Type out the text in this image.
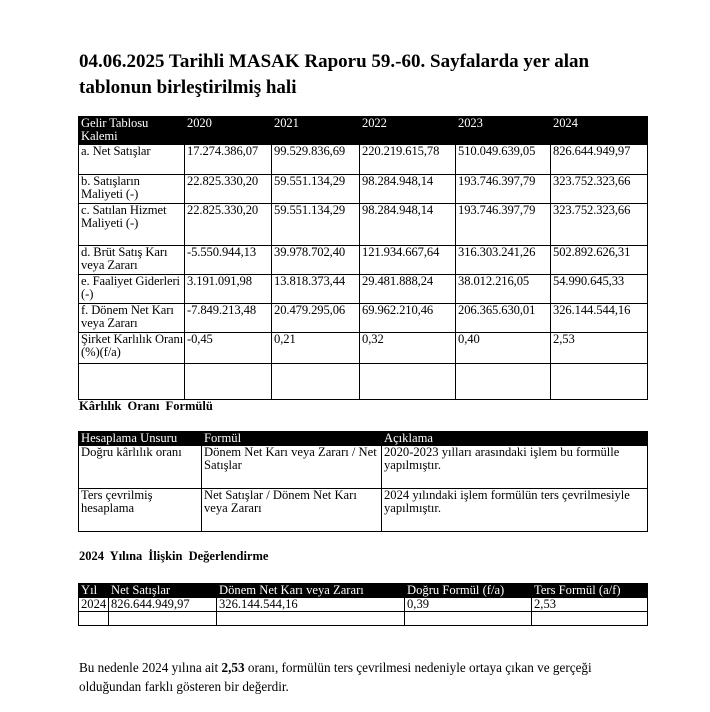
04.06.2025 Tarihli MASAK Raporu 59.-60. Sayfalarda yer alan tablonun birleştirilmiş hali
Gelir Tablosu Kalemi	2020	2021	2022	2023	2024
a. Net Satışlar	17.274.386,07	99.529.836,69	220.219.615,78	510.049.639,05	826.644.949,97
b. Satışların Maliyeti (-)	22.825.330,20	59.551.134,29	98.284.948,14	193.746.397,79	323.752.323,66
c. Satılan Hizmet Maliyeti (-)	22.825.330,20	59.551.134,29	98.284.948,14	193.746.397,79	323.752.323,66
d. Brüt Satış Karı veya Zararı	-5.550.944,13	39.978.702,40	121.934.667,64	316.303.241,26	502.892.626,31
e. Faaliyet Giderleri (-)	3.191.091,98	13.818.373,44	29.481.888,24	38.012.216,05	54.990.645,33
f. Dönem Net Karı veya Zararı	-7.849.213,48	20.479.295,06	69.962.210,46	206.365.630,01	326.144.544,16
Şirket Karlılık Oranı (%)(f/a)	-0,45	0,21	0,32	0,40	2,53

Kârlılık Oranı Formülü
Hesaplama Unsuru	Formül	Açıklama
Doğru kârlılık oranı	Dönem Net Karı veya Zararı / Net Satışlar	2020-2023 yılları arasındaki işlem bu formülle yapılmıştır.
Ters çevrilmiş hesaplama	Net Satışlar / Dönem Net Karı veya Zararı	2024 yılındaki işlem formülün ters çevrilmesiyle yapılmıştır.
2024 Yılına İlişkin Değerlendirme
Yıl	Net Satışlar	Dönem Net Karı veya Zararı	Doğru Formül (f/a)	Ters Formül (a/f)
2024	826.644.949,97	326.144.544,16	0,39	2,53

Bu nedenle 2024 yılına ait 2,53 oranı, formülün ters çevrilmesi nedeniyle ortaya çıkan ve gerçeği olduğundan farklı gösteren bir değerdir.
